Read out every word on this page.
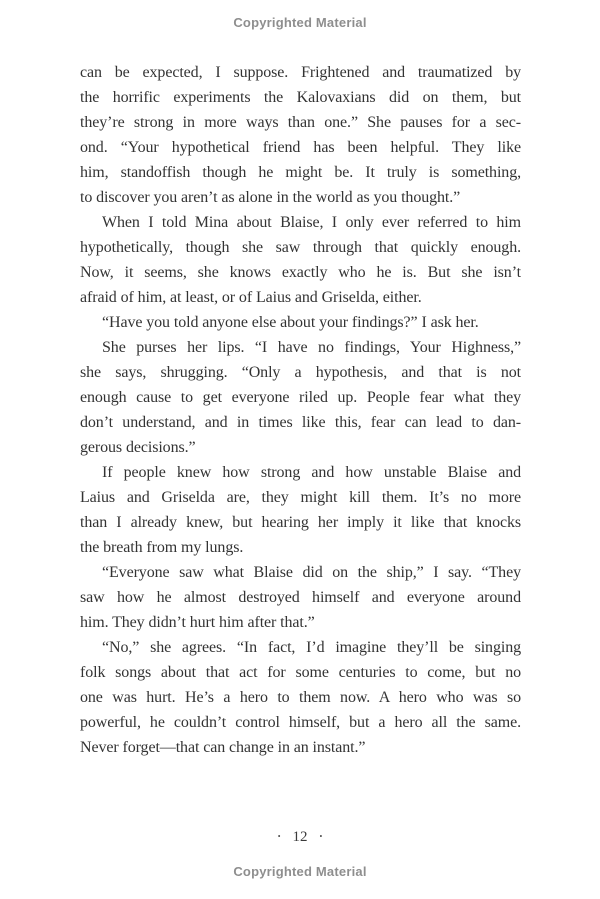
Copyrighted Material
can be expected, I suppose. Frightened and traumatized by
the horrific experiments the Kalovaxians did on them, but
they’re strong in more ways than one.” She pauses for a sec-
ond. “Your hypothetical friend has been helpful. They like
him, standoffish though he might be. It truly is something,
to discover you aren’t as alone in the world as you thought.”
When I told Mina about Blaise, I only ever referred to him
hypothetically, though she saw through that quickly enough.
Now, it seems, she knows exactly who he is. But she isn’t
afraid of him, at least, or of Laius and Griselda, either.
“Have you told anyone else about your findings?” I ask her.
She purses her lips. “I have no findings, Your Highness,”
she says, shrugging. “Only a hypothesis, and that is not
enough cause to get everyone riled up. People fear what they
don’t understand, and in times like this, fear can lead to dan-
gerous decisions.”
If people knew how strong and how unstable Blaise and
Laius and Griselda are, they might kill them. It’s no more
than I already knew, but hearing her imply it like that knocks
the breath from my lungs.
“Everyone saw what Blaise did on the ship,” I say. “They
saw how he almost destroyed himself and everyone around
him. They didn’t hurt him after that.”
“No,” she agrees. “In fact, I’d imagine they’ll be singing
folk songs about that act for some centuries to come, but no
one was hurt. He’s a hero to them now. A hero who was so
powerful, he couldn’t control himself, but a hero all the same.
Never forget—that can change in an instant.”
• 12 •
Copyrighted Material
